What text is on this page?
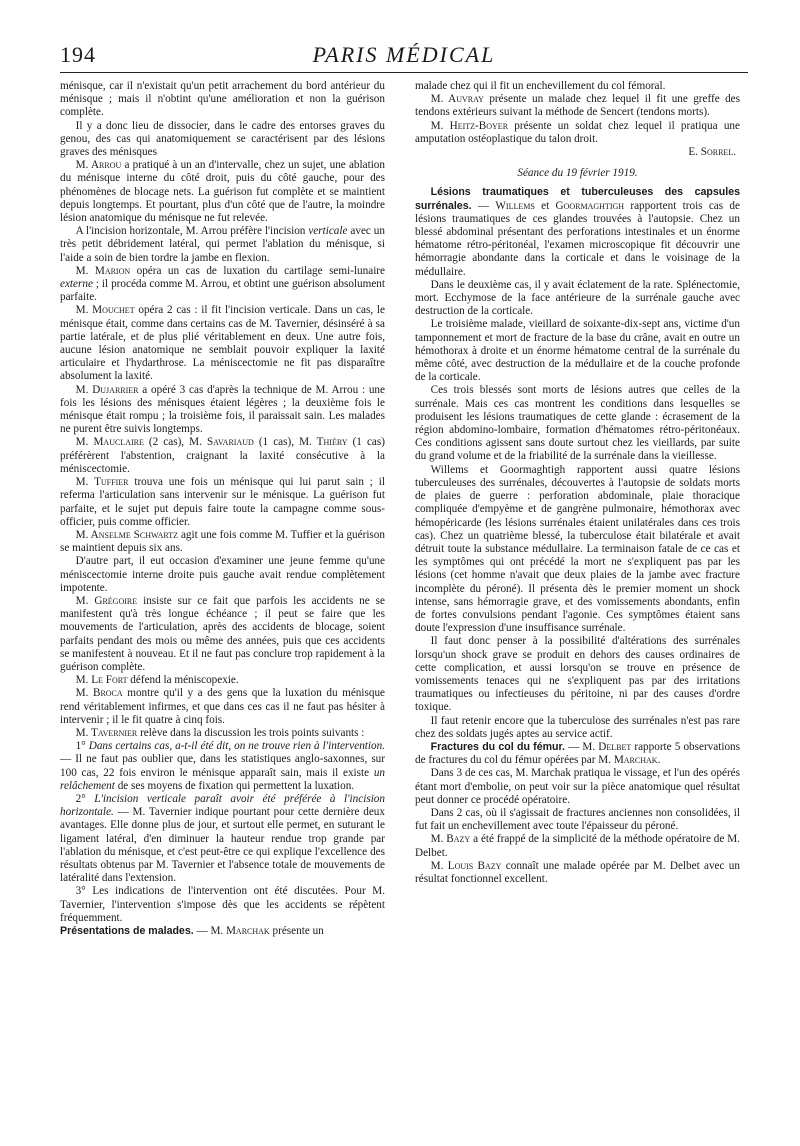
194	PARIS MÉDICAL

ménisque, car il n'existait qu'un petit arrachement du bord antérieur du ménisque ; mais il n'obtint qu'une amélioration et non la guérison complète.

Il y a donc lieu de dissocier, dans le cadre des entorses graves du genou, des cas qui anatomiquement se caractérisent par des lésions graves des ménisques

M. Arrou a pratiqué à un an d'intervalle, chez un sujet, une ablation du ménisque interne du côté droit, puis du côté gauche, pour des phénomènes de blocage nets. La guérison fut complète et se maintient depuis longtemps. Et pourtant, plus d'un côté que de l'autre, la moindre lésion anatomique du ménisque ne fut relevée.

A l'incision horizontale, M. Arrou préfère l'incision verticale avec un très petit débridement latéral, qui permet l'ablation du ménisque, si l'aide a soin de bien tordre la jambe en flexion.

M. Marion opéra un cas de luxation du cartilage semi-lunaire externe ; il procéda comme M. Arrou, et obtint une guérison absolument parfaite.

M. Mouchet opéra 2 cas : il fit l'incision verticale. Dans un cas, le ménisque était, comme dans certains cas de M. Tavernier, désinséré à sa partie latérale, et de plus plié véritablement en deux. Une autre fois, aucune lésion anatomique ne semblait pouvoir expliquer la laxité articulaire et l'hydarthrose. La méniscectomie ne fit pas disparaître absolument la laxité.

M. Dujarrier a opéré 3 cas d'après la technique de M. Arrou : une fois les lésions des ménisques étaient légères ; la deuxième fois le ménisque était rompu ; la troisième fois, il paraissait sain. Les malades ne purent être suivis longtemps.

M. Mauclaire (2 cas), M. Savariaud (1 cas), M. Thiéry (1 cas) préférèrent l'abstention, craignant la laxité consécutive à la méniscectomie.

M. Tuffier trouva une fois un ménisque qui lui parut sain ; il referma l'articulation sans intervenir sur le ménisque. La guérison fut parfaite, et le sujet put depuis faire toute la campagne comme sous-officier, puis comme officier.

M. Anselme Schwartz agit une fois comme M. Tuffier et la guérison se maintient depuis six ans.

D'autre part, il eut occasion d'examiner une jeune femme qu'une méniscectomie interne droite puis gauche avait rendue complètement impotente.

M. Grégoire insiste sur ce fait que parfois les accidents ne se manifestent qu'à très longue échéance ; il peut se faire que les mouvements de l'articulation, après des accidents de blocage, soient parfaits pendant des mois ou même des années, puis que ces accidents se manifestent à nouveau. Et il ne faut pas conclure trop rapidement à la guérison complète.

M. Le Fort défend la méniscopexie.

M. Broca montre qu'il y a des gens que la luxation du ménisque rend véritablement infirmes, et que dans ces cas il ne faut pas hésiter à intervenir ; il le fit quatre à cinq fois.

M. Tavernier relève dans la discussion les trois points suivants :

1° Dans certains cas, a-t-il été dit, on ne trouve rien à l'intervention. — Il ne faut pas oublier que, dans les statistiques anglo-saxonnes, sur 100 cas, 22 fois environ le ménisque apparaît sain, mais il existe un relâchement de ses moyens de fixation qui permettent la luxation.

2° L'incision verticale paraît avoir été préférée à l'incision horizontale. — M. Tavernier indique pourtant pour cette dernière deux avantages. Elle donne plus de jour, et surtout elle permet, en suturant le ligament latéral, d'en diminuer la hauteur rendue trop grande par l'ablation du ménisque, et c'est peut-être ce qui explique l'excellence des résultats obtenus par M. Tavernier et l'absence totale de mouvements de latéralité dans l'extension.

3° Les indications de l'intervention ont été discutées. Pour M. Tavernier, l'intervention s'impose dès que les accidents se répètent fréquemment.

Présentations de malades. — M. Marchak présente un

malade chez qui il fit un enchevillement du col fémoral.

M. Auvray présente un malade chez lequel il fit une greffe des tendons extérieurs suivant la méthode de Sencert (tendons morts).

M. Heitz-Boyer présente un soldat chez lequel il pratiqua une amputation ostéoplastique du talon droit.

E. Sorrel.

Séance du 19 février 1919.

Lésions traumatiques et tuberculeuses des capsules surrénales. — Willems et Goormaghtigh rapportent trois cas de lésions traumatiques de ces glandes trouvées à l'autopsie. Chez un blessé abdominal présentant des perforations intestinales et un énorme hématome rétro-péritonéal, l'examen microscopique fit découvrir une hémorragie abondante dans la corticale et dans le voisinage de la médullaire.

Dans le deuxième cas, il y avait éclatement de la rate. Splénectomie, mort. Ecchymose de la face antérieure de la surrénale gauche avec destruction de la corticale.

Le troisième malade, vieillard de soixante-dix-sept ans, victime d'un tamponnement et mort de fracture de la base du crâne, avait en outre un hémothorax à droite et un énorme hématome central de la surrénale du même côté, avec destruction de la médullaire et de la couche profonde de la corticale.

Ces trois blessés sont morts de lésions autres que celles de la surrénale. Mais ces cas montrent les conditions dans lesquelles se produisent les lésions traumatiques de cette glande : écrasement de la région abdomino-lombaire, formation d'hématomes rétro-péritonéaux. Ces conditions agissent sans doute surtout chez les vieillards, par suite du grand volume et de la friabilité de la surrénale dans la vieillesse.

Willems et Goormaghtigh rapportent aussi quatre lésions tuberculeuses des surrénales, découvertes à l'autopsie de soldats morts de plaies de guerre : perforation abdominale, plaie thoracique compliquée d'empyème et de gangrène pulmonaire, hémothorax avec hémopéricarde (les lésions surrénales étaient unilatérales dans ces trois cas). Chez un quatrième blessé, la tuberculose était bilatérale et avait détruit toute la substance médullaire. La terminaison fatale de ce cas et les symptômes qui ont précédé la mort ne s'expliquent pas par les lésions (cet homme n'avait que deux plaies de la jambe avec fracture incomplète du péroné). Il présenta dès le premier moment un shock intense, sans hémorragie grave, et des vomissements abondants, enfin de fortes convulsions pendant l'agonie. Ces symptômes étaient sans doute l'expression d'une insuffisance surrénale.

Il faut donc penser à la possibilité d'altérations des surrénales lorsqu'un shock grave se produit en dehors des causes ordinaires de cette complication, et aussi lorsqu'on se trouve en présence de vomissements tenaces qui ne s'expliquent pas par des irritations traumatiques ou infectieuses du péritoine, ni par des causes d'ordre toxique.

Il faut retenir encore que la tuberculose des surrénales n'est pas rare chez des soldats jugés aptes au service actif.

Fractures du col du fémur. — M. Delbet rapporte 5 observations de fractures du col du fémur opérées par M. Marchak.

Dans 3 de ces cas, M. Marchak pratiqua le vissage, et l'un des opérés étant mort d'embolie, on peut voir sur la pièce anatomique quel résultat peut donner ce procédé opératoire.

Dans 2 cas, où il s'agissait de fractures anciennes non consolidées, il fut fait un enchevillement avec toute l'épaisseur du péroné.

M. Bazy a été frappé de la simplicité de la méthode opératoire de M. Delbet.

M. Louis Bazy connaît une malade opérée par M. Delbet avec un résultat fonctionnel excellent.
